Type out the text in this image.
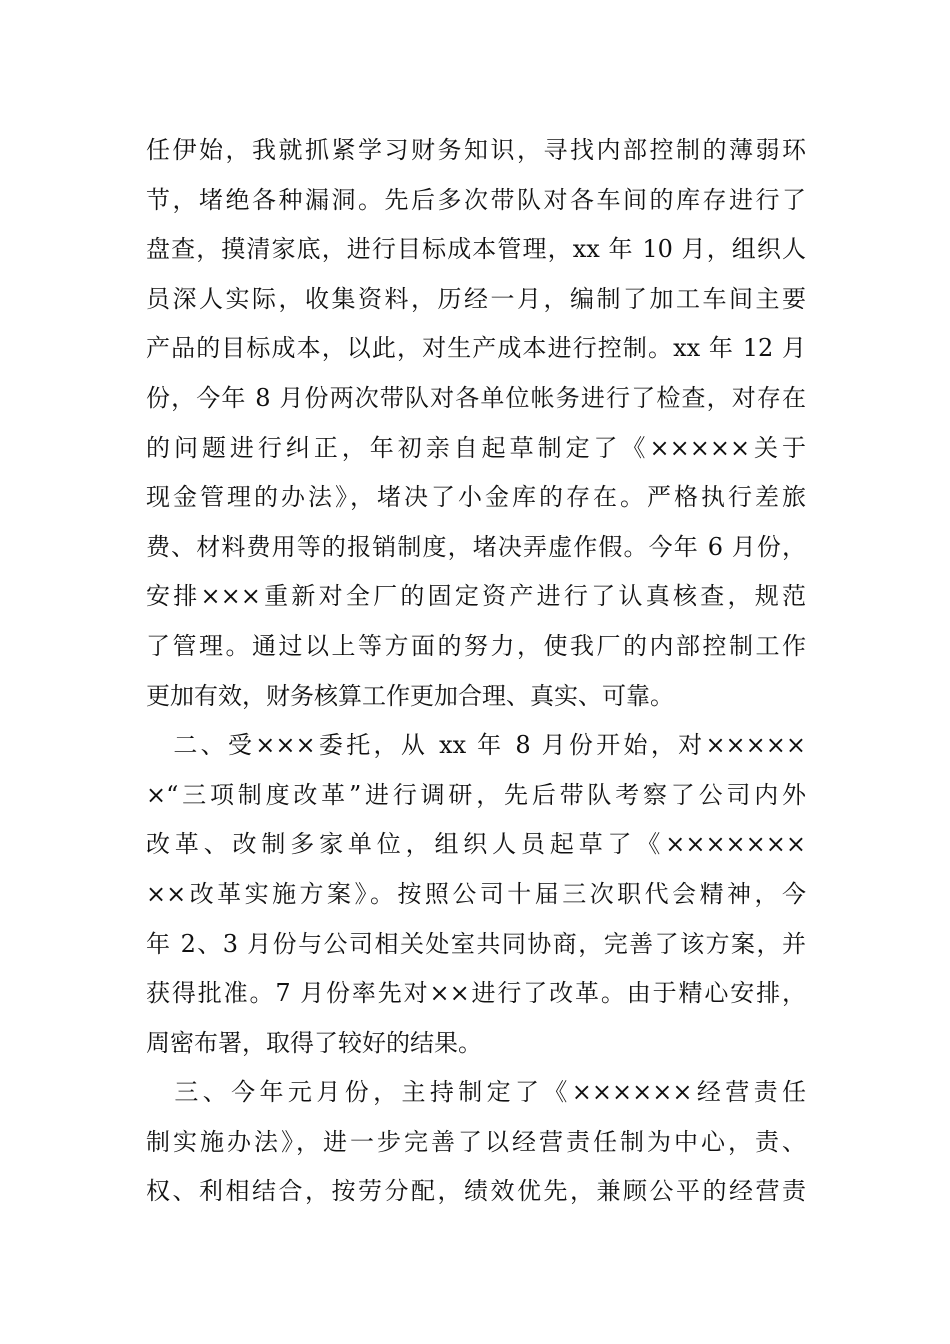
任伊始，我就抓紧学习财务知识，寻找内部控制的薄弱环
节，堵绝各种漏洞。先后多次带队对各车间的库存进行了
盘查，摸清家底，进行目标成本管理，xx 年 10 月，组织人
员深人实际，收集资料，历经一月，编制了加工车间主要
产品的目标成本，以此，对生产成本进行控制。xx 年 12 月
份，今年 8 月份两次带队对各单位帐务进行了检查，对存在
的问题进行纠正，年初亲自起草制定了《×××××关于
现金管理的办法》，堵决了小金库的存在。严格执行差旅
费、材料费用等的报销制度，堵决弄虚作假。今年 6 月份，
安排×××重新对全厂的固定资产进行了认真核查，规范
了管理。通过以上等方面的努力，使我厂的内部控制工作
更加有效，财务核算工作更加合理、真实、可靠。
　二、受×××委托，从 xx 年 8 月份开始，对×××××
×“三项制度改革”进行调研，先后带队考察了公司内外
改革、改制多家单位，组织人员起草了《×××××××
××改革实施方案》。按照公司十届三次职代会精神，今
年 2、3 月份与公司相关处室共同协商，完善了该方案，并
获得批准。7 月份率先对××进行了改革。由于精心安排，
周密布署，取得了较好的结果。
　三、今年元月份，主持制定了《××××××经营责任
制实施办法》，进一步完善了以经营责任制为中心，责、
权、利相结合，按劳分配，绩效优先，兼顾公平的经营责
